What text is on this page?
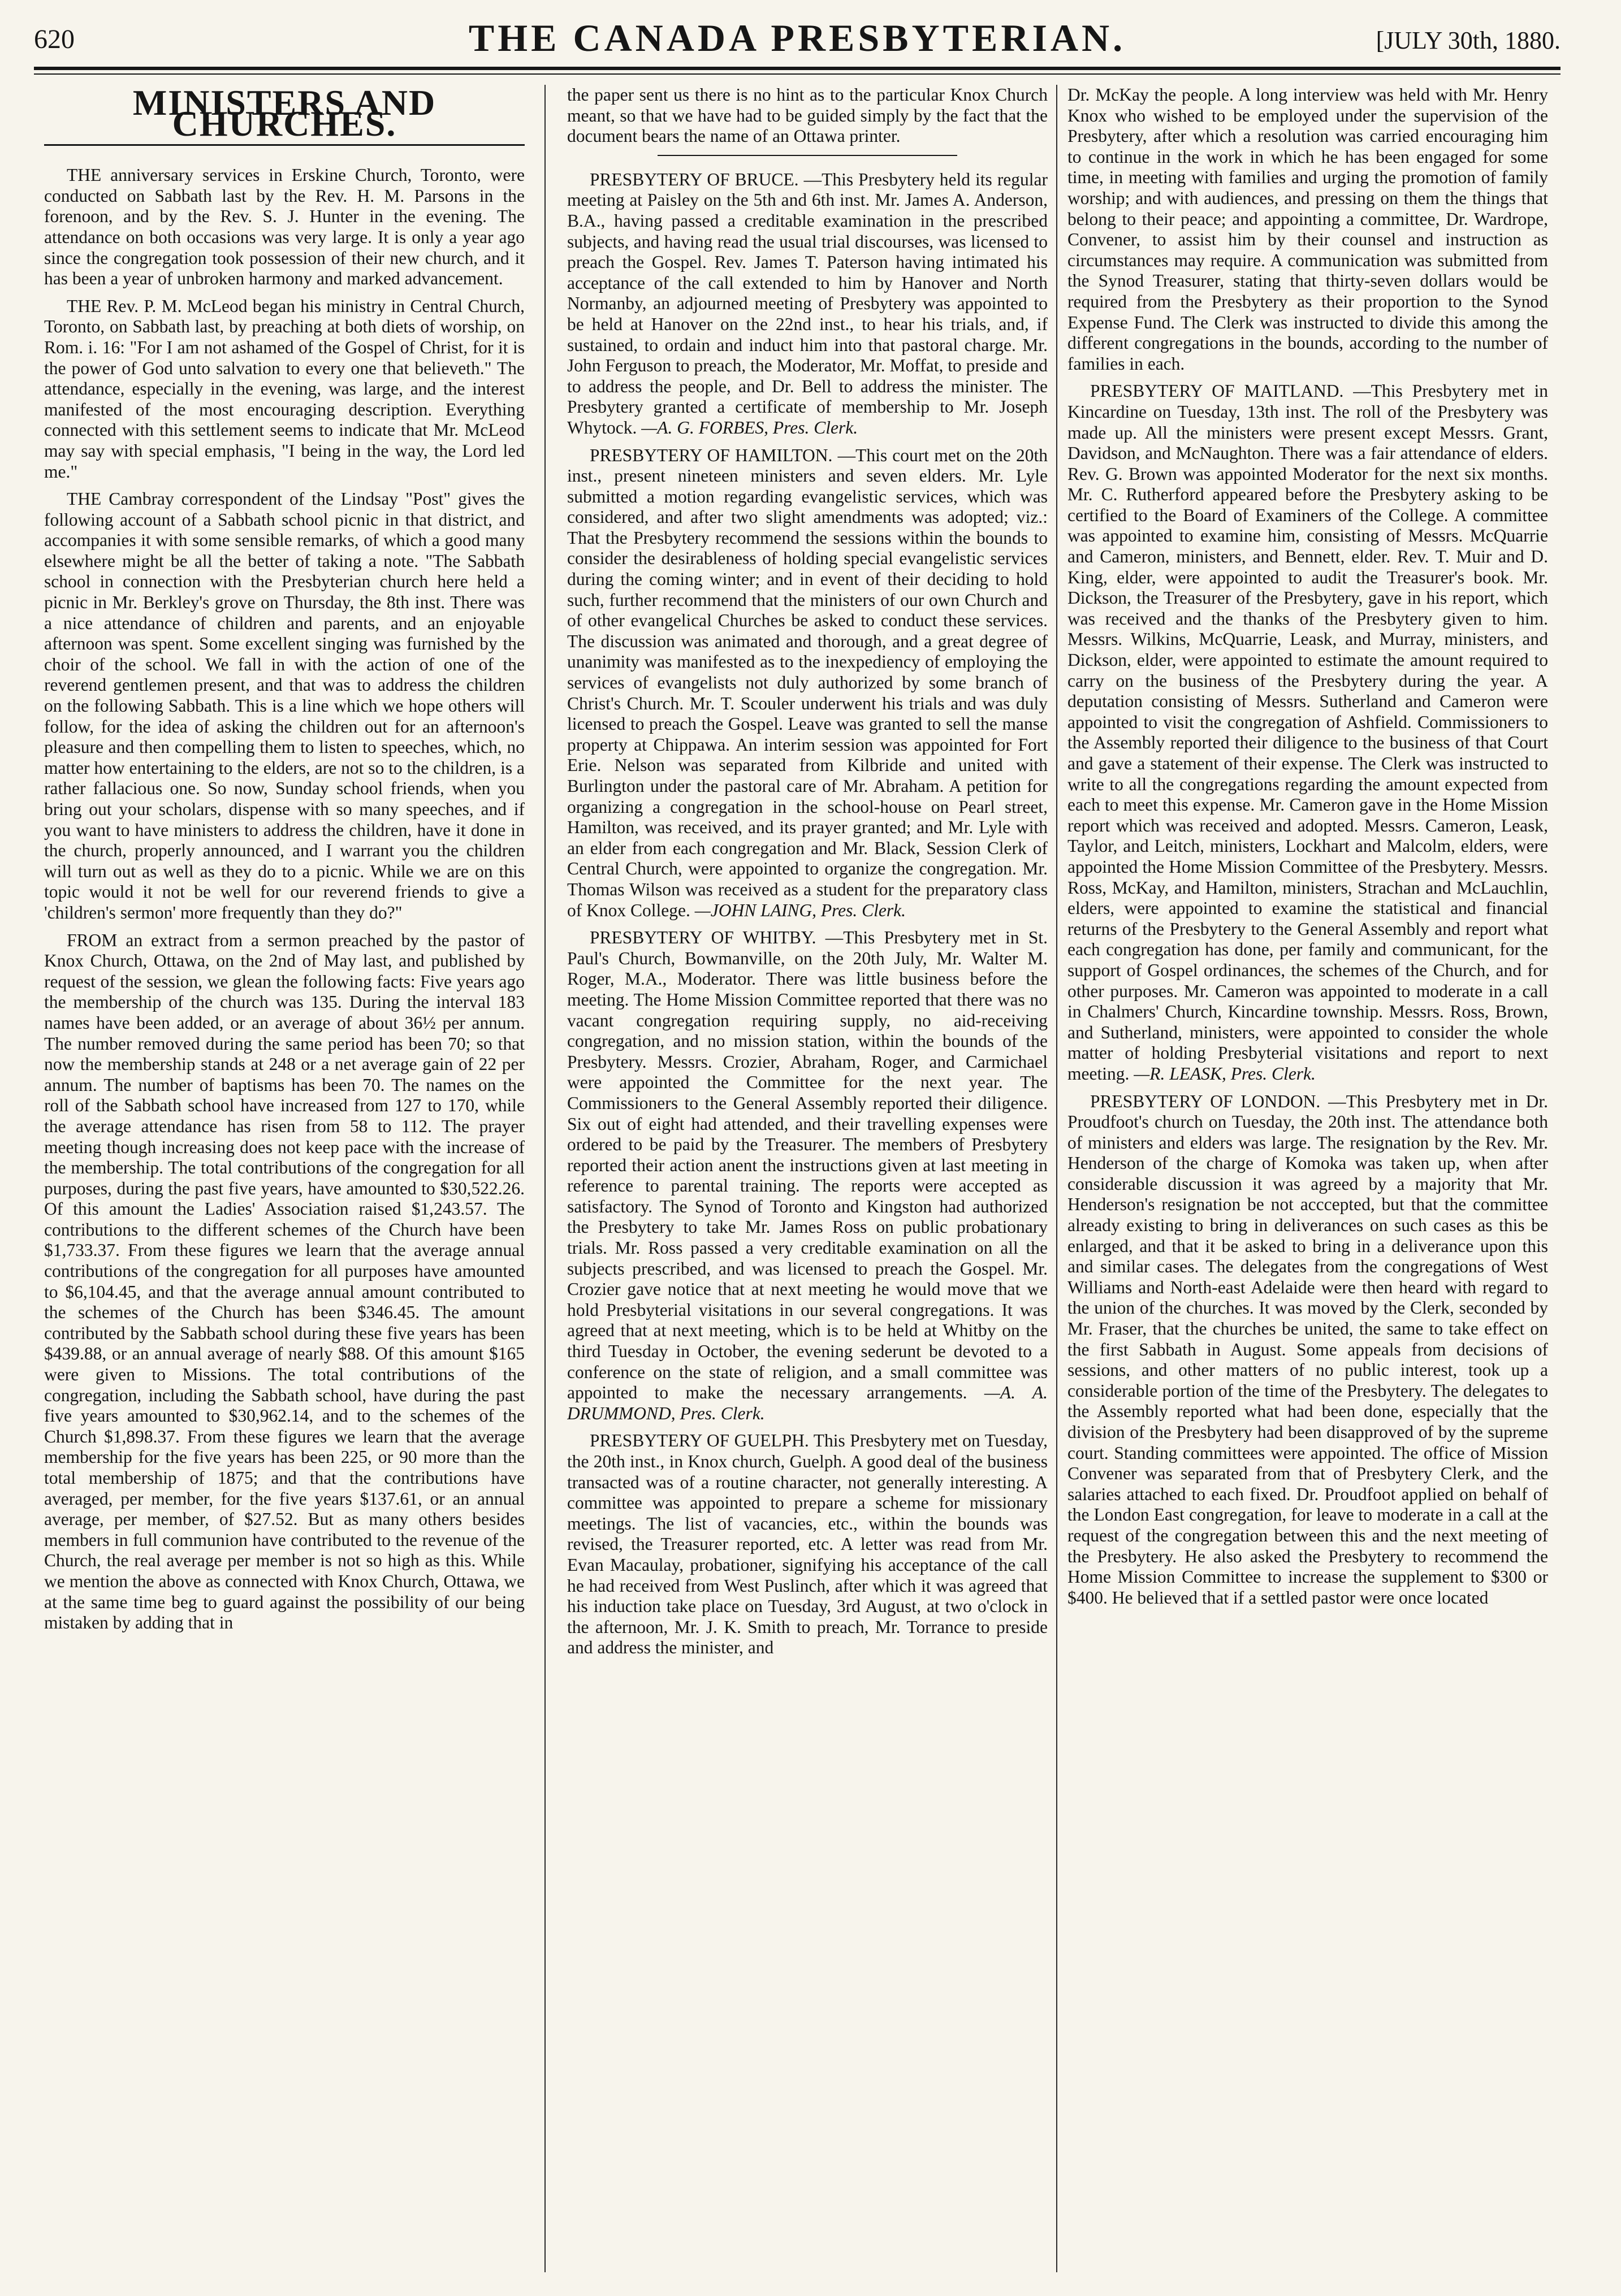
620	THE CANADA PRESBYTERIAN.	[JULY 30th, 1880.
MINISTERS AND CHURCHES.

THE anniversary services in Erskine Church, Toronto, were conducted on Sabbath last by the Rev. H. M. Parsons in the forenoon, and by the Rev. S. J. Hunter in the evening. The attendance on both occasions was very large. It is only a year ago since the congregation took possession of their new church, and it has been a year of unbroken harmony and marked advancement.

THE Rev. P. M. McLeod began his ministry in Central Church, Toronto, on Sabbath last, by preaching at both diets of worship, on Rom. i. 16: "For I am not ashamed of the Gospel of Christ, for it is the power of God unto salvation to every one that believeth." The attendance, especially in the evening, was large, and the interest manifested of the most encouraging description. Everything connected with this settlement seems to indicate that Mr. McLeod may say with special emphasis, "I being in the way, the Lord led me."

THE Cambray correspondent of the Lindsay "Post" gives the following account of a Sabbath school picnic in that district, and accompanies it with some sensible remarks, of which a good many elsewhere might be all the better of taking a note. "The Sabbath school in connection with the Presbyterian church here held a picnic in Mr. Berkley's grove on Thursday, the 8th inst. There was a nice attendance of children and parents, and an enjoyable afternoon was spent. Some excellent singing was furnished by the choir of the school. We fall in with the action of one of the reverend gentlemen present, and that was to address the children on the following Sabbath. This is a line which we hope others will follow, for the idea of asking the children out for an afternoon's pleasure and then compelling them to listen to speeches, which, no matter how entertaining to the elders, are not so to the children, is a rather fallacious one. So now, Sunday school friends, when you bring out your scholars, dispense with so many speeches, and if you want to have ministers to address the children, have it done in the church, properly announced, and I warrant you the children will turn out as well as they do to a picnic. While we are on this topic would it not be well for our reverend friends to give a 'children's sermon' more frequently than they do?"

FROM an extract from a sermon preached by the pastor of Knox Church, Ottawa, on the 2nd of May last, and published by request of the session, we glean the following facts: Five years ago the membership of the church was 135. During the interval 183 names have been added, or an average of about 36½ per annum. The number removed during the same period has been 70; so that now the membership stands at 248 or a net average gain of 22 per annum. The number of baptisms has been 70. The names on the roll of the Sabbath school have increased from 127 to 170, while the average attendance has risen from 58 to 112. The prayer meeting though increasing does not keep pace with the increase of the membership. The total contributions of the congregation for all purposes, during the past five years, have amounted to $30,522.26. Of this amount the Ladies' Association raised $1,243.57. The contributions to the different schemes of the Church have been $1,733.37. From these figures we learn that the average annual contributions of the congregation for all purposes have amounted to $6,104.45, and that the average annual amount contributed to the schemes of the Church has been $346.45. The amount contributed by the Sabbath school during these five years has been $439.88, or an annual average of nearly $88. Of this amount $165 were given to Missions. The total contributions of the congregation, including the Sabbath school, have during the past five years amounted to $30,962.14, and to the schemes of the Church $1,898.37. From these figures we learn that the average membership for the five years has been 225, or 90 more than the total membership of 1875; and that the contributions have averaged, per member, for the five years $137.61, or an annual average, per member, of $27.52. But as many others besides members in full communion have contributed to the revenue of the Church, the real average per member is not so high as this. While we mention the above as connected with Knox Church, Ottawa, we at the same time beg to guard against the possibility of our being mistaken by adding that in

the paper sent us there is no hint as to the particular Knox Church meant, so that we have had to be guided simply by the fact that the document bears the name of an Ottawa printer.

PRESBYTERY OF BRUCE. —This Presbytery held its regular meeting at Paisley on the 5th and 6th inst. Mr. James A. Anderson, B.A., having passed a creditable examination in the prescribed subjects, and having read the usual trial discourses, was licensed to preach the Gospel. Rev. James T. Paterson having intimated his acceptance of the call extended to him by Hanover and North Normanby, an adjourned meeting of Presbytery was appointed to be held at Hanover on the 22nd inst., to hear his trials, and, if sustained, to ordain and induct him into that pastoral charge. Mr. John Ferguson to preach, the Moderator, Mr. Moffat, to preside and to address the people, and Dr. Bell to address the minister. The Presbytery granted a certificate of membership to Mr. Joseph Whytock. —A. G. FORBES, Pres. Clerk.

PRESBYTERY OF HAMILTON. —This court met on the 20th inst., present nineteen ministers and seven elders. Mr. Lyle submitted a motion regarding evangelistic services, which was considered, and after two slight amendments was adopted; viz.: That the Presbytery recommend the sessions within the bounds to consider the desirableness of holding special evangelistic services during the coming winter; and in event of their deciding to hold such, further recommend that the ministers of our own Church and of other evangelical Churches be asked to conduct these services. The discussion was animated and thorough, and a great degree of unanimity was manifested as to the inexpediency of employing the services of evangelists not duly authorized by some branch of Christ's Church. Mr. T. Scouler underwent his trials and was duly licensed to preach the Gospel. Leave was granted to sell the manse property at Chippawa. An interim session was appointed for Fort Erie. Nelson was separated from Kilbride and united with Burlington under the pastoral care of Mr. Abraham. A petition for organizing a congregation in the school-house on Pearl street, Hamilton, was received, and its prayer granted; and Mr. Lyle with an elder from each congregation and Mr. Black, Session Clerk of Central Church, were appointed to organize the congregation. Mr. Thomas Wilson was received as a student for the preparatory class of Knox College. —JOHN LAING, Pres. Clerk.

PRESBYTERY OF WHITBY. —This Presbytery met in St. Paul's Church, Bowmanville, on the 20th July, Mr. Walter M. Roger, M.A., Moderator. There was little business before the meeting. The Home Mission Committee reported that there was no vacant congregation requiring supply, no aid-receiving congregation, and no mission station, within the bounds of the Presbytery. Messrs. Crozier, Abraham, Roger, and Carmichael were appointed the Committee for the next year. The Commissioners to the General Assembly reported their diligence. Six out of eight had attended, and their travelling expenses were ordered to be paid by the Treasurer. The members of Presbytery reported their action anent the instructions given at last meeting in reference to parental training. The reports were accepted as satisfactory. The Synod of Toronto and Kingston had authorized the Presbytery to take Mr. James Ross on public probationary trials. Mr. Ross passed a very creditable examination on all the subjects prescribed, and was licensed to preach the Gospel. Mr. Crozier gave notice that at next meeting he would move that we hold Presbyterial visitations in our several congregations. It was agreed that at next meeting, which is to be held at Whitby on the third Tuesday in October, the evening sederunt be devoted to a conference on the state of religion, and a small committee was appointed to make the necessary arrangements. —A. A. DRUMMOND, Pres. Clerk.

PRESBYTERY OF GUELPH. This Presbytery met on Tuesday, the 20th inst., in Knox church, Guelph. A good deal of the business transacted was of a routine character, not generally interesting. A committee was appointed to prepare a scheme for missionary meetings. The list of vacancies, etc., within the bounds was revised, the Treasurer reported, etc. A letter was read from Mr. Evan Macaulay, probationer, signifying his acceptance of the call he had received from West Puslinch, after which it was agreed that his induction take place on Tuesday, 3rd August, at two o'clock in the afternoon, Mr. J. K. Smith to preach, Mr. Torrance to preside and address the minister, and

Dr. McKay the people. A long interview was held with Mr. Henry Knox who wished to be employed under the supervision of the Presbytery, after which a resolution was carried encouraging him to continue in the work in which he has been engaged for some time, in meeting with families and urging the promotion of family worship; and with audiences, and pressing on them the things that belong to their peace; and appointing a committee, Dr. Wardrope, Convener, to assist him by their counsel and instruction as circumstances may require. A communication was submitted from the Synod Treasurer, stating that thirty-seven dollars would be required from the Presbytery as their proportion to the Synod Expense Fund. The Clerk was instructed to divide this among the different congregations in the bounds, according to the number of families in each.

PRESBYTERY OF MAITLAND. —This Presbytery met in Kincardine on Tuesday, 13th inst. The roll of the Presbytery was made up. All the ministers were present except Messrs. Grant, Davidson, and McNaughton. There was a fair attendance of elders. Rev. G. Brown was appointed Moderator for the next six months. Mr. C. Rutherford appeared before the Presbytery asking to be certified to the Board of Examiners of the College. A committee was appointed to examine him, consisting of Messrs. McQuarrie and Cameron, ministers, and Bennett, elder. Rev. T. Muir and D. King, elder, were appointed to audit the Treasurer's book. Mr. Dickson, the Treasurer of the Presbytery, gave in his report, which was received and the thanks of the Presbytery given to him. Messrs. Wilkins, McQuarrie, Leask, and Murray, ministers, and Dickson, elder, were appointed to estimate the amount required to carry on the business of the Presbytery during the year. A deputation consisting of Messrs. Sutherland and Cameron were appointed to visit the congregation of Ashfield. Commissioners to the Assembly reported their diligence to the business of that Court and gave a statement of their expense. The Clerk was instructed to write to all the congregations regarding the amount expected from each to meet this expense. Mr. Cameron gave in the Home Mission report which was received and adopted. Messrs. Cameron, Leask, Taylor, and Leitch, ministers, Lockhart and Malcolm, elders, were appointed the Home Mission Committee of the Presbytery. Messrs. Ross, McKay, and Hamilton, ministers, Strachan and McLauchlin, elders, were appointed to examine the statistical and financial returns of the Presbytery to the General Assembly and report what each congregation has done, per family and communicant, for the support of Gospel ordinances, the schemes of the Church, and for other purposes. Mr. Cameron was appointed to moderate in a call in Chalmers' Church, Kincardine township. Messrs. Ross, Brown, and Sutherland, ministers, were appointed to consider the whole matter of holding Presbyterial visitations and report to next meeting. —R. LEASK, Pres. Clerk.

PRESBYTERY OF LONDON. —This Presbytery met in Dr. Proudfoot's church on Tuesday, the 20th inst. The attendance both of ministers and elders was large. The resignation by the Rev. Mr. Henderson of the charge of Komoka was taken up, when after considerable discussion it was agreed by a majority that Mr. Henderson's resignation be not acccepted, but that the committee already existing to bring in deliverances on such cases as this be enlarged, and that it be asked to bring in a deliverance upon this and similar cases. The delegates from the congregations of West Williams and North-east Adelaide were then heard with regard to the union of the churches. It was moved by the Clerk, seconded by Mr. Fraser, that the churches be united, the same to take effect on the first Sabbath in August. Some appeals from decisions of sessions, and other matters of no public interest, took up a considerable portion of the time of the Presbytery. The delegates to the Assembly reported what had been done, especially that the division of the Presbytery had been disapproved of by the supreme court. Standing committees were appointed. The office of Mission Convener was separated from that of Presbytery Clerk, and the salaries attached to each fixed. Dr. Proudfoot applied on behalf of the London East congregation, for leave to moderate in a call at the request of the congregation between this and the next meeting of the Presbytery. He also asked the Presbytery to recommend the Home Mission Committee to increase the supplement to $300 or $400. He believed that if a settled pastor were once located
